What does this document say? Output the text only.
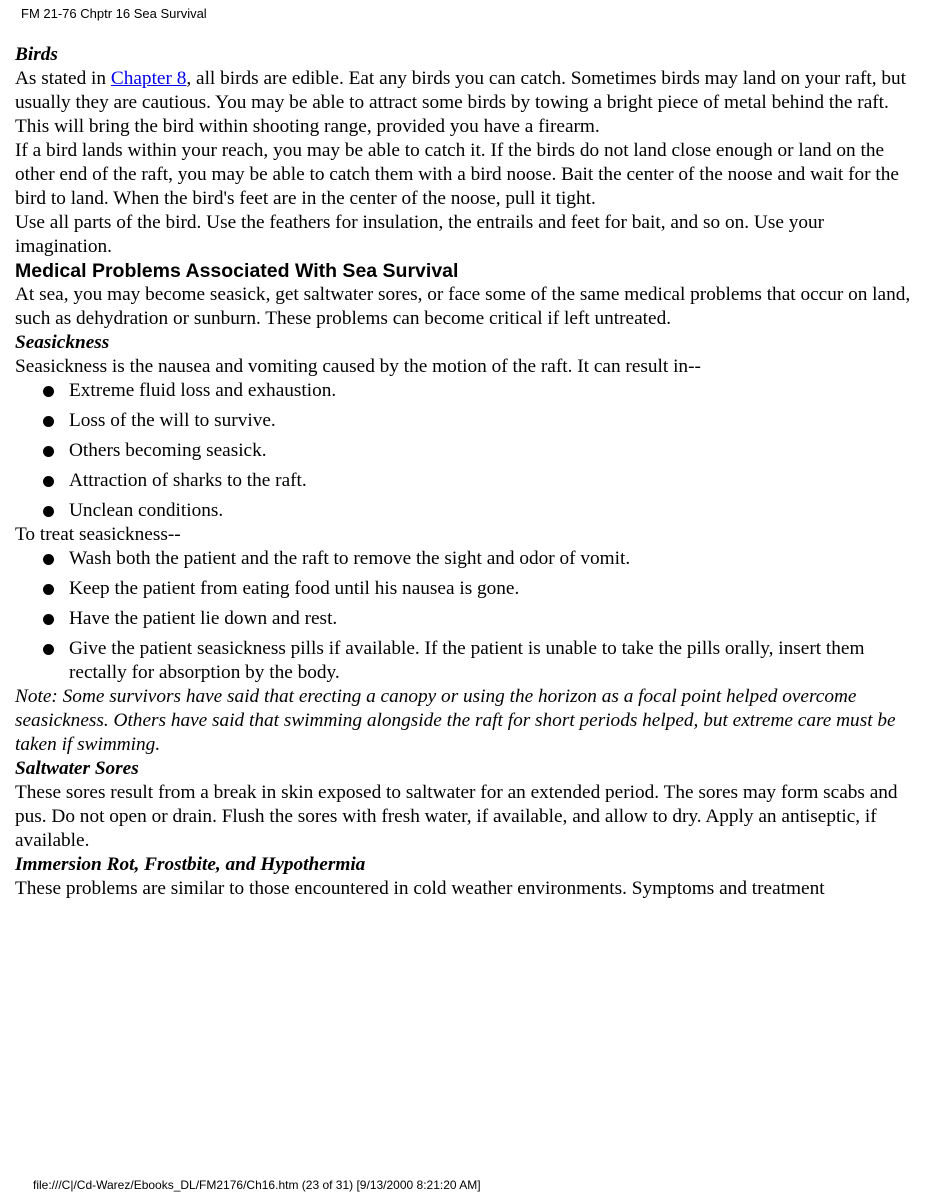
FM 21-76 Chptr 16 Sea Survival
Birds

As stated in Chapter 8, all birds are edible. Eat any birds you can catch. Sometimes birds may land on your raft, but usually they are cautious. You may be able to attract some birds by towing a bright piece of metal behind the raft. This will bring the bird within shooting range, provided you have a firearm.

If a bird lands within your reach, you may be able to catch it. If the birds do not land close enough or land on the other end of the raft, you may be able to catch them with a bird noose. Bait the center of the noose and wait for the bird to land. When the bird's feet are in the center of the noose, pull it tight.

Use all parts of the bird. Use the feathers for insulation, the entrails and feet for bait, and so on. Use your imagination.

Medical Problems Associated With Sea Survival

At sea, you may become seasick, get saltwater sores, or face some of the same medical problems that occur on land, such as dehydration or sunburn. These problems can become critical if left untreated.

Seasickness

Seasickness is the nausea and vomiting caused by the motion of the raft. It can result in--

Extreme fluid loss and exhaustion.
Loss of the will to survive.
Others becoming seasick.
Attraction of sharks to the raft.
Unclean conditions.

To treat seasickness--

Wash both the patient and the raft to remove the sight and odor of vomit.
Keep the patient from eating food until his nausea is gone.
Have the patient lie down and rest.
Give the patient seasickness pills if available. If the patient is unable to take the pills orally, insert them rectally for absorption by the body.

Note: Some survivors have said that erecting a canopy or using the horizon as a focal point helped overcome seasickness. Others have said that swimming alongside the raft for short periods helped, but extreme care must be taken if swimming.

Saltwater Sores

These sores result from a break in skin exposed to saltwater for an extended period. The sores may form scabs and pus. Do not open or drain. Flush the sores with fresh water, if available, and allow to dry. Apply an antiseptic, if available.

Immersion Rot, Frostbite, and Hypothermia

These problems are similar to those encountered in cold weather environments. Symptoms and treatment

file:///C|/Cd-Warez/Ebooks_DL/FM2176/Ch16.htm (23 of 31) [9/13/2000 8:21:20 AM]
